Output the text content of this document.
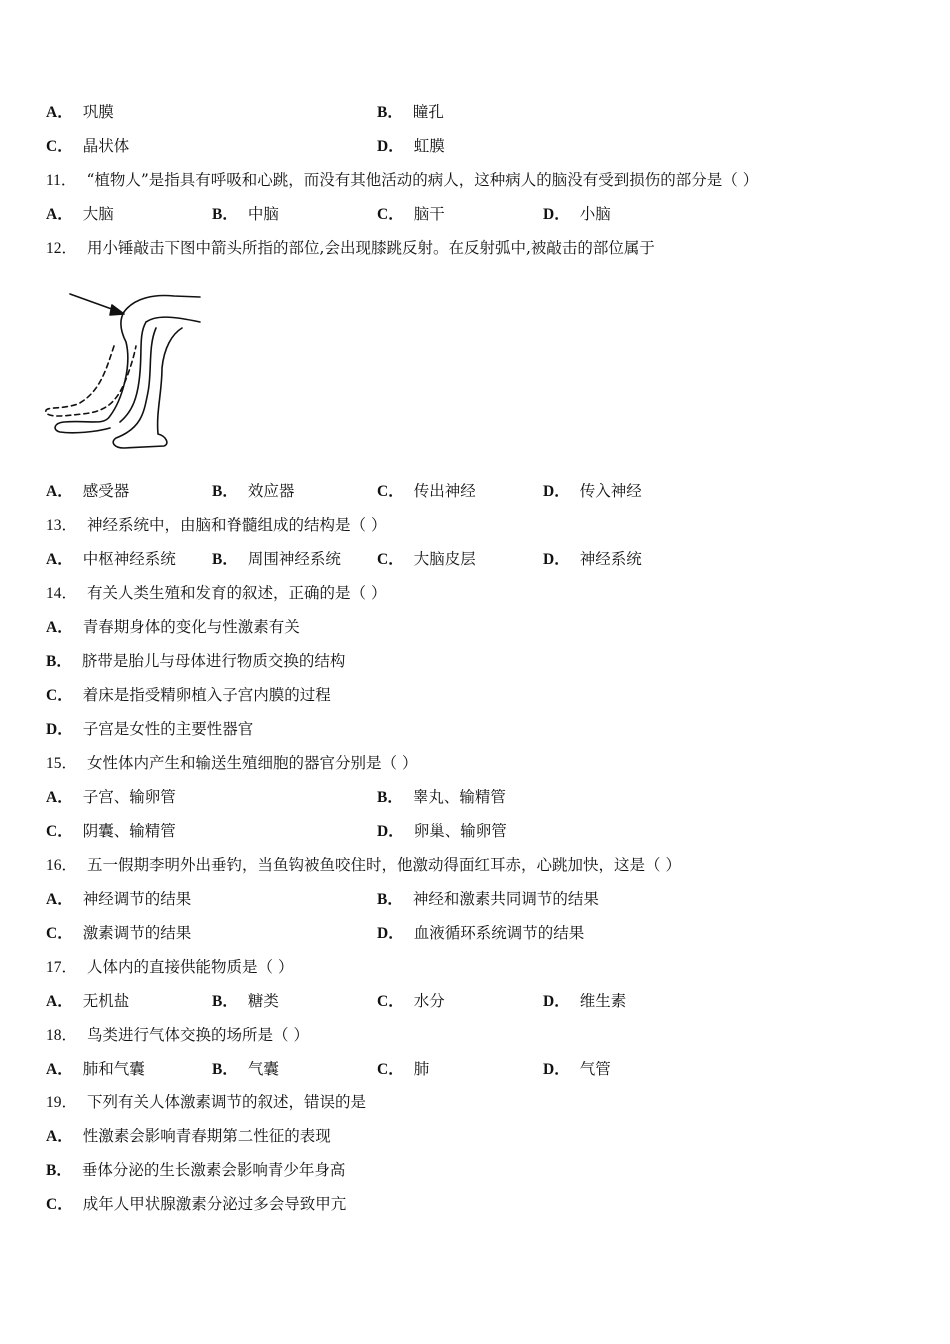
A． 巩膜	B． 瞳孔
C． 晶状体	D． 虹膜
11． “植物人”是指具有呼吸和心跳，而没有其他活动的病人，这种病人的脑没有受到损伤的部分是（ ）
A． 大脑	B． 中脑	C． 脑干	D． 小脑
12． 用小锤敲击下图中箭头所指的部位,会出现膝跳反射。在反射弧中,被敲击的部位属于
A． 感受器	B． 效应器	C． 传出神经	D． 传入神经
13． 神经系统中，由脑和脊髓组成的结构是（ ）
A． 中枢神经系统 B． 周围神经系统 C． 大脑皮层	D． 神经系统
14． 有关人类生殖和发育的叙述，正确的是（ ）
A． 青春期身体的变化与性激素有关
B． 脐带是胎儿与母体进行物质交换的结构
C． 着床是指受精卵植入子宫内膜的过程
D． 子宫是女性的主要性器官
15． 女性体内产生和输送生殖细胞的器官分别是（ ）
A． 子宫、输卵管	B． 睾丸、输精管
C． 阴囊、输精管	D． 卵巢、输卵管
16． 五一假期李明外出垂钓，当鱼钩被鱼咬住时，他激动得面红耳赤，心跳加快，这是（ ）
A． 神经调节的结果	B． 神经和激素共同调节的结果
C． 激素调节的结果	D． 血液循环系统调节的结果
17． 人体内的直接供能物质是（ ）
A． 无机盐	B． 糖类	C． 水分	D． 维生素
18． 鸟类进行气体交换的场所是（ ）
A． 肺和气囊	B． 气囊	C． 肺	D． 气管
19． 下列有关人体激素调节的叙述，错误的是
A． 性激素会影响青春期第二性征的表现
B． 垂体分泌的生长激素会影响青少年身高
C． 成年人甲状腺激素分泌过多会导致甲亢
